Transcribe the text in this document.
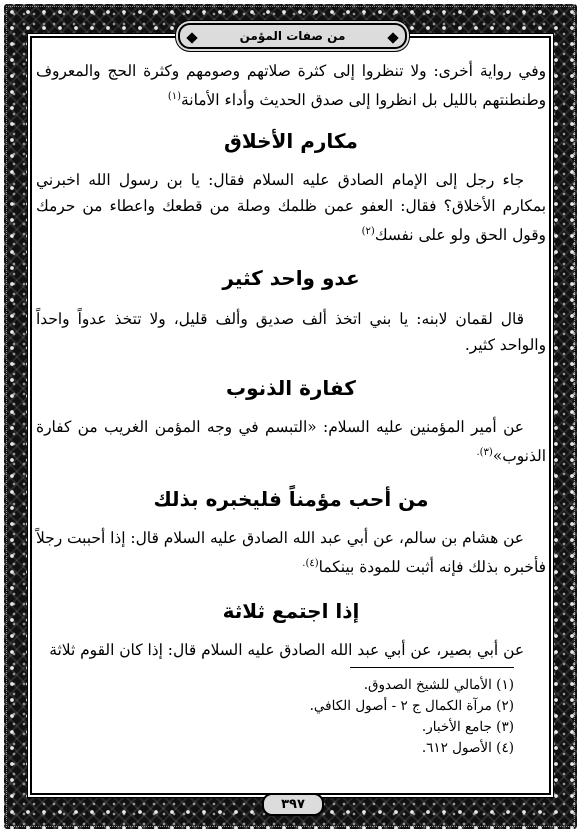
من صفات المؤمن

وفي رواية أخرى: ولا تنظروا إلى كثرة صلاتهم وصومهم وكثرة الحج والمعروف وطنطنتهم بالليل بل انظروا إلى صدق الحديث وأداء الأمانة$^{(١)}$

مكارم الأخلاق

جاء رجل إلى الإمام الصادق عليه السلام فقال: يا بن رسول الله اخبرني بمكارم الأخلاق؟ فقال: العفو عمن ظلمك وصلة من قطعك واعطاء من حرمك وقول الحق ولو على نفسك$^{(٢)}$

عدو واحد كثير

قال لقمان لابنه: يا بني اتخذ ألف صديق وألف قليل، ولا تتخذ عدواً واحداً والواحد كثير.

كفارة الذنوب

عن أمير المؤمنين عليه السلام: «التبسم في وجه المؤمن الغريب من كفارة الذنوب»$^{(٣).}$

من أحب مؤمناً فليخبره بذلك

عن هشام بن سالم، عن أبي عبد الله الصادق عليه السلام قال: إذا أحببت رجلاً فأخبره بذلك فإنه أثبت للمودة بينكما$^{(٤).}$

إذا اجتمع ثلاثة

عن أبي بصير، عن أبي عبد الله الصادق عليه السلام قال: إذا كان القوم ثلاثة

(١) الأمالي للشيخ الصدوق.
(٢) مرآة الكمال ج ٢ - أصول الكافي.
(٣) جامع الأخبار.
(٤) الأصول ٦١٢.
٣٩٧
